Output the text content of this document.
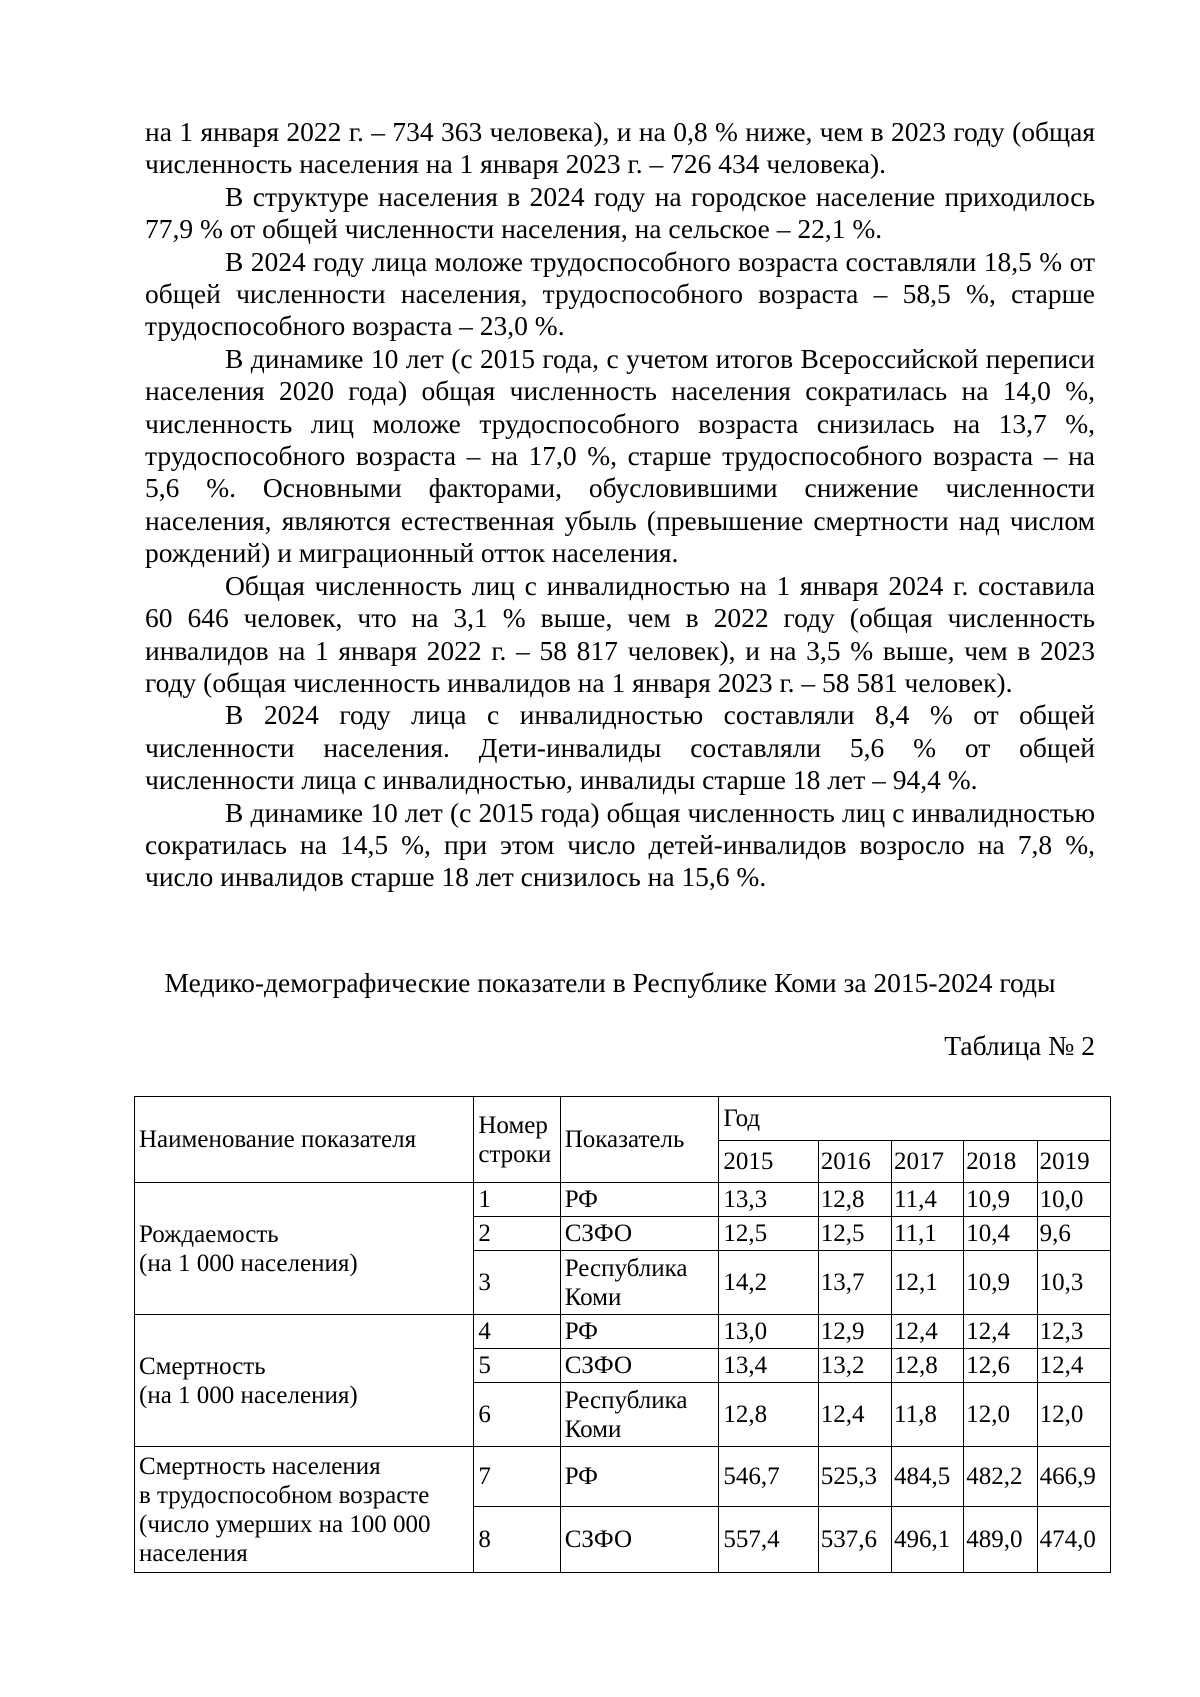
на 1 января 2022 г. – 734 363 человека), и на 0,8 % ниже, чем в 2023 году (общая численность населения на 1 января 2023 г. – 726 434 человека).

В структуре населения в 2024 году на городское население приходилось 77,9 % от общей численности населения, на сельское – 22,1 %.

В 2024 году лица моложе трудоспособного возраста составляли 18,5 % от общей численности населения, трудоспособного возраста – 58,5 %, старше трудоспособного возраста – 23,0 %.

В динамике 10 лет (с 2015 года, с учетом итогов Всероссийской переписи населения 2020 года) общая численность населения сократилась на 14,0 %, численность лиц моложе трудоспособного возраста снизилась на 13,7 %, трудоспособного возраста – на 17,0 %, старше трудоспособного возраста – на 5,6 %. Основными факторами, обусловившими снижение численности населения, являются естественная убыль (превышение смертности над числом рождений) и миграционный отток населения.

Общая численность лиц с инвалидностью на 1 января 2024 г. составила 60 646 человек, что на 3,1 % выше, чем в 2022 году (общая численность инвалидов на 1 января 2022 г. – 58 817 человек), и на 3,5 % выше, чем в 2023 году (общая численность инвалидов на 1 января 2023 г. – 58 581 человек).

В 2024 году лица с инвалидностью составляли 8,4 % от общей численности населения. Дети-инвалиды составляли 5,6 % от общей численности лица с инвалидностью, инвалиды старше 18 лет – 94,4 %.

В динамике 10 лет (с 2015 года) общая численность лиц с инвалидностью сократилась на 14,5 %, при этом число детей-инвалидов возросло на 7,8 %, число инвалидов старше 18 лет снизилось на 15,6 %.

Медико-демографические показатели в Республике Коми за 2015-2024 годы
Таблица № 2
Наименование показателя	Номер строки	Показатель	Год				
			2015	2016	2017	2018	2019
Рождаемость
(на 1 000 населения)	1	РФ	13,3	12,8	11,4	10,9	10,0
	2	СЗФО	12,5	12,5	11,1	10,4	9,6
	3	Республика Коми	14,2	13,7	12,1	10,9	10,3
Смертность
(на 1 000 населения)	4	РФ	13,0	12,9	12,4	12,4	12,3
	5	СЗФО	13,4	13,2	12,8	12,6	12,4
	6	Республика Коми	12,8	12,4	11,8	12,0	12,0
Смертность населения
в трудоспособном возрасте
(число умерших на 100 000
населения	7	РФ	546,7	525,3	484,5	482,2	466,9
	8	СЗФО	557,4	537,6	496,1	489,0	474,0
